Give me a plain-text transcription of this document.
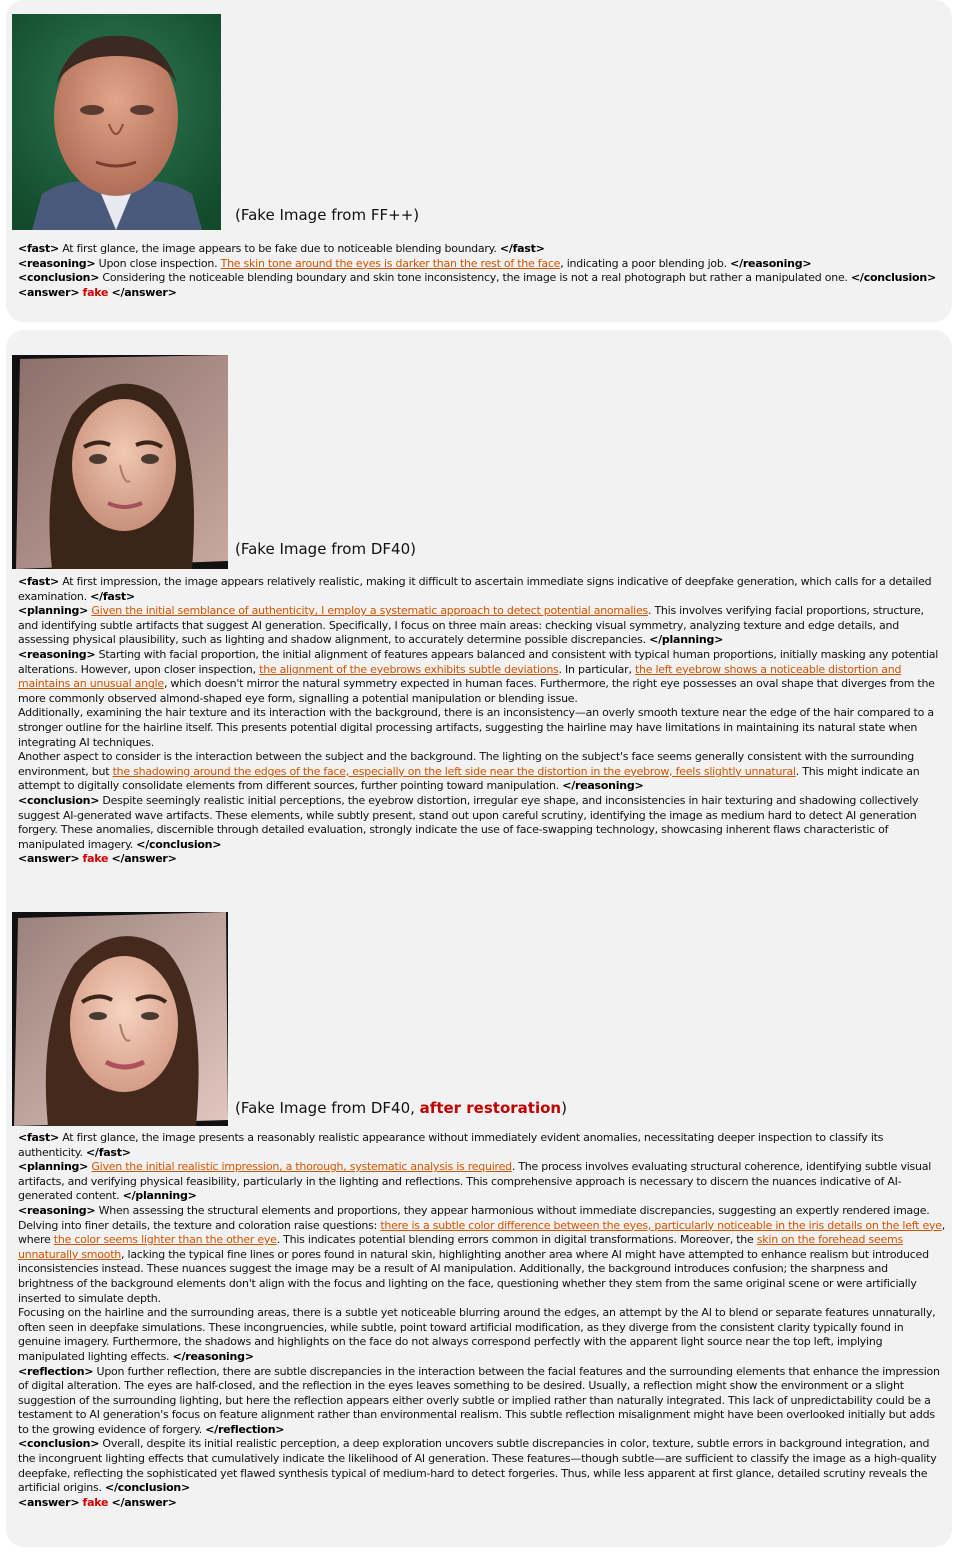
(Fake Image from FF++)

<fast> At first glance, the image appears to be fake due to noticeable blending boundary. </fast>

<reasoning> Upon close inspection. The skin tone around the eyes is darker than the rest of the face, indicating a poor blending job. </reasoning>

<conclusion> Considering the noticeable blending boundary and skin tone inconsistency, the image is not a real photograph but rather a manipulated one. </conclusion>

<answer> fake </answer>

(Fake Image from DF40)

<fast> At first impression, the image appears relatively realistic, making it difficult to ascertain immediate signs indicative of deepfake generation, which calls for a detailed examination. </fast>

<planning> Given the initial semblance of authenticity, I employ a systematic approach to detect potential anomalies. This involves verifying facial proportions, structure, and identifying subtle artifacts that suggest AI generation. Specifically, I focus on three main areas: checking visual symmetry, analyzing texture and edge details, and assessing physical plausibility, such as lighting and shadow alignment, to accurately determine possible discrepancies. </planning>

<reasoning> Starting with facial proportion, the initial alignment of features appears balanced and consistent with typical human proportions, initially masking any potential alterations. However, upon closer inspection, the alignment of the eyebrows exhibits subtle deviations. In particular, the left eyebrow shows a noticeable distortion and maintains an unusual angle, which doesn't mirror the natural symmetry expected in human faces. Furthermore, the right eye possesses an oval shape that diverges from the more commonly observed almond-shaped eye form, signalling a potential manipulation or blending issue.

Additionally, examining the hair texture and its interaction with the background, there is an inconsistency—an overly smooth texture near the edge of the hair compared to a stronger outline for the hairline itself. This presents potential digital processing artifacts, suggesting the hairline may have limitations in maintaining its natural state when integrating AI techniques.

Another aspect to consider is the interaction between the subject and the background. The lighting on the subject's face seems generally consistent with the surrounding environment, but the shadowing around the edges of the face, especially on the left side near the distortion in the eyebrow, feels slightly unnatural. This might indicate an attempt to digitally consolidate elements from different sources, further pointing toward manipulation. </reasoning>

<conclusion> Despite seemingly realistic initial perceptions, the eyebrow distortion, irregular eye shape, and inconsistencies in hair texturing and shadowing collectively suggest AI-generated wave artifacts. These elements, while subtly present, stand out upon careful scrutiny, identifying the image as medium hard to detect AI generation forgery. These anomalies, discernible through detailed evaluation, strongly indicate the use of face-swapping technology, showcasing inherent flaws characteristic of manipulated imagery. </conclusion>

<answer> fake </answer>

(Fake Image from DF40, after restoration)

<fast> At first glance, the image presents a reasonably realistic appearance without immediately evident anomalies, necessitating deeper inspection to classify its authenticity. </fast>

<planning> Given the initial realistic impression, a thorough, systematic analysis is required. The process involves evaluating structural coherence, identifying subtle visual artifacts, and verifying physical feasibility, particularly in the lighting and reflections. This comprehensive approach is necessary to discern the nuances indicative of AI-generated content. </planning>

<reasoning> When assessing the structural elements and proportions, they appear harmonious without immediate discrepancies, suggesting an expertly rendered image. Delving into finer details, the texture and coloration raise questions: there is a subtle color difference between the eyes, particularly noticeable in the iris details on the left eye, where the color seems lighter than the other eye. This indicates potential blending errors common in digital transformations. Moreover, the skin on the forehead seems unnaturally smooth, lacking the typical fine lines or pores found in natural skin, highlighting another area where AI might have attempted to enhance realism but introduced inconsistencies instead. These nuances suggest the image may be a result of AI manipulation. Additionally, the background introduces confusion; the sharpness and brightness of the background elements don't align with the focus and lighting on the face, questioning whether they stem from the same original scene or were artificially inserted to simulate depth.

Focusing on the hairline and the surrounding areas, there is a subtle yet noticeable blurring around the edges, an attempt by the AI to blend or separate features unnaturally, often seen in deepfake simulations. These incongruencies, while subtle, point toward artificial modification, as they diverge from the consistent clarity typically found in genuine imagery. Furthermore, the shadows and highlights on the face do not always correspond perfectly with the apparent light source near the top left, implying manipulated lighting effects. </reasoning>

<reflection> Upon further reflection, there are subtle discrepancies in the interaction between the facial features and the surrounding elements that enhance the impression of digital alteration. The eyes are half-closed, and the reflection in the eyes leaves something to be desired. Usually, a reflection might show the environment or a slight suggestion of the surrounding lighting, but here the reflection appears either overly subtle or implied rather than naturally integrated. This lack of unpredictability could be a testament to AI generation's focus on feature alignment rather than environmental realism. This subtle reflection misalignment might have been overlooked initially but adds to the growing evidence of forgery. </reflection>

<conclusion> Overall, despite its initial realistic perception, a deep exploration uncovers subtle discrepancies in color, texture, subtle errors in background integration, and the incongruent lighting effects that cumulatively indicate the likelihood of AI generation. These features—though subtle—are sufficient to classify the image as a high-quality deepfake, reflecting the sophisticated yet flawed synthesis typical of medium-hard to detect forgeries. Thus, while less apparent at first glance, detailed scrutiny reveals the artificial origins. </conclusion>

<answer> fake </answer>
